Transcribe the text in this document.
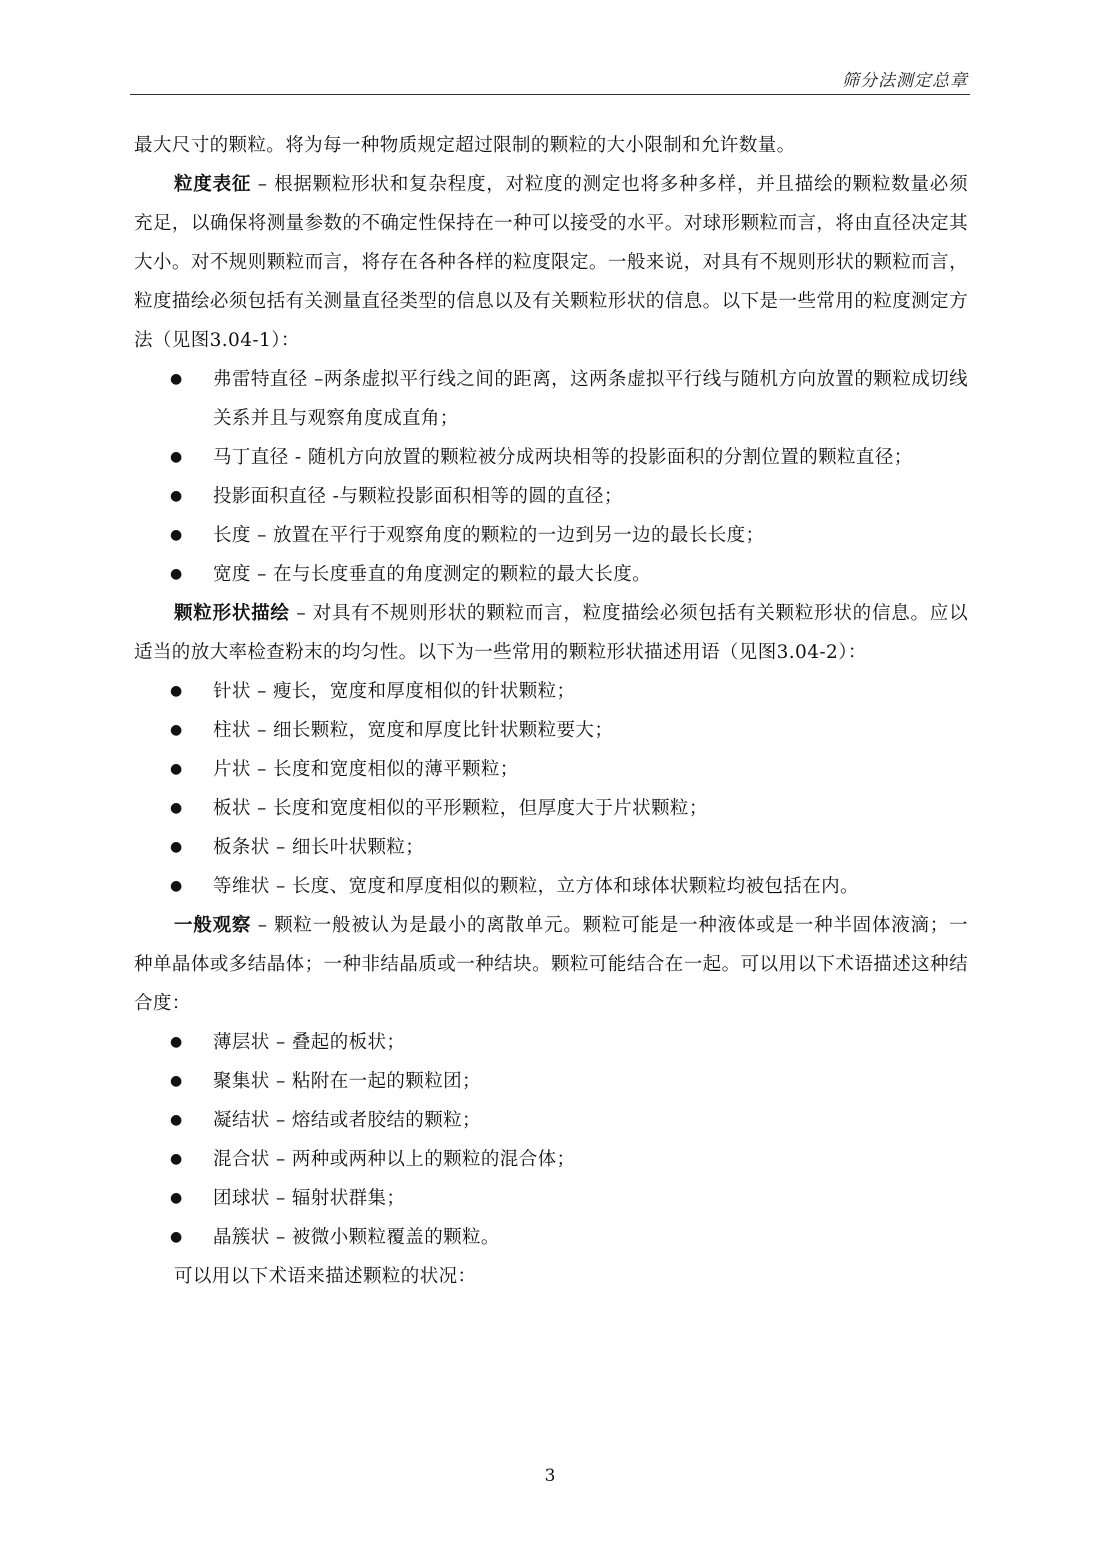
筛分法测定总章

最大尺寸的颗粒。将为每一种物质规定超过限制的颗粒的大小限制和允许数量。

粒度表征 – 根据颗粒形状和复杂程度，对粒度的测定也将多种多样，并且描绘的颗粒数量必须充足，以确保将测量参数的不确定性保持在一种可以接受的水平。对球形颗粒而言，将由直径决定其大小。对不规则颗粒而言，将存在各种各样的粒度限定。一般来说，对具有不规则形状的颗粒而言，粒度描绘必须包括有关测量直径类型的信息以及有关颗粒形状的信息。以下是一些常用的粒度测定方法（见图3.04-1）：

● 弗雷特直径 –两条虚拟平行线之间的距离，这两条虚拟平行线与随机方向放置的颗粒成切线关系并且与观察角度成直角；
● 马丁直径 - 随机方向放置的颗粒被分成两块相等的投影面积的分割位置的颗粒直径；
● 投影面积直径 -与颗粒投影面积相等的圆的直径；
● 长度 – 放置在平行于观察角度的颗粒的一边到另一边的最长长度；
● 宽度 – 在与长度垂直的角度测定的颗粒的最大长度。

颗粒形状描绘 – 对具有不规则形状的颗粒而言，粒度描绘必须包括有关颗粒形状的信息。应以适当的放大率检查粉末的均匀性。以下为一些常用的颗粒形状描述用语（见图3.04-2）：

● 针状 – 瘦长，宽度和厚度相似的针状颗粒；
● 柱状 – 细长颗粒，宽度和厚度比针状颗粒要大；
● 片状 – 长度和宽度相似的薄平颗粒；
● 板状 – 长度和宽度相似的平形颗粒，但厚度大于片状颗粒；
● 板条状 – 细长叶状颗粒；
● 等维状 – 长度、宽度和厚度相似的颗粒，立方体和球体状颗粒均被包括在内。

一般观察 – 颗粒一般被认为是最小的离散单元。颗粒可能是一种液体或是一种半固体液滴；一种单晶体或多结晶体；一种非结晶质或一种结块。颗粒可能结合在一起。可以用以下术语描述这种结合度：

● 薄层状 – 叠起的板状；
● 聚集状 – 粘附在一起的颗粒团；
● 凝结状 – 熔结或者胶结的颗粒；
● 混合状 – 两种或两种以上的颗粒的混合体；
● 团球状 – 辐射状群集；
● 晶簇状 – 被微小颗粒覆盖的颗粒。

可以用以下术语来描述颗粒的状况：

3
